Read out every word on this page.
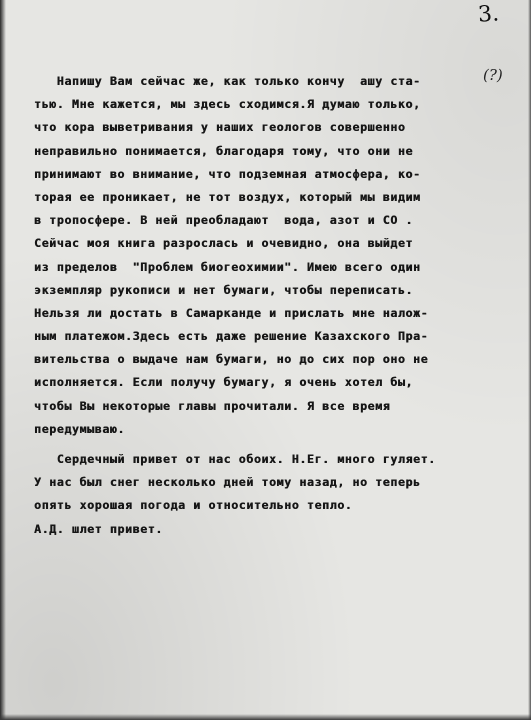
3.
(?)
Напишу Вам сейчас же, как только кончу  ашу ста-
тью. Мне кажется, мы здесь сходимся.Я думаю только,
что кора выветривания у наших геологов совершенно
неправильно понимается, благодаря тому, что они не
принимают во внимание, что подземная атмосфера, ко-
торая ее проникает, не тот воздух, который мы видим
в тропосфере. В ней преобладают  вода, азот и СО .
Сейчас моя книга разрослась и очевидно, она выйдет
из пределов  "Проблем биогеохимии". Имею всего один
экземпляр рукописи и нет бумаги, чтобы переписать.
Нельзя ли достать в Самарканде и прислать мне налож-
ным платежом.Здесь есть даже решение Казахского Пра-
вительства о выдаче нам бумаги, но до сих пор оно не
исполняется. Если получу бумагу, я очень хотел бы,
чтобы Вы некоторые главы прочитали. Я все время
передумываю.
Сердечный привет от нас обоих. Н.Ег. много гуляет.
У нас был снег несколько дней тому назад, но теперь
опять хорошая погода и относительно тепло.
А.Д. шлет привет.
